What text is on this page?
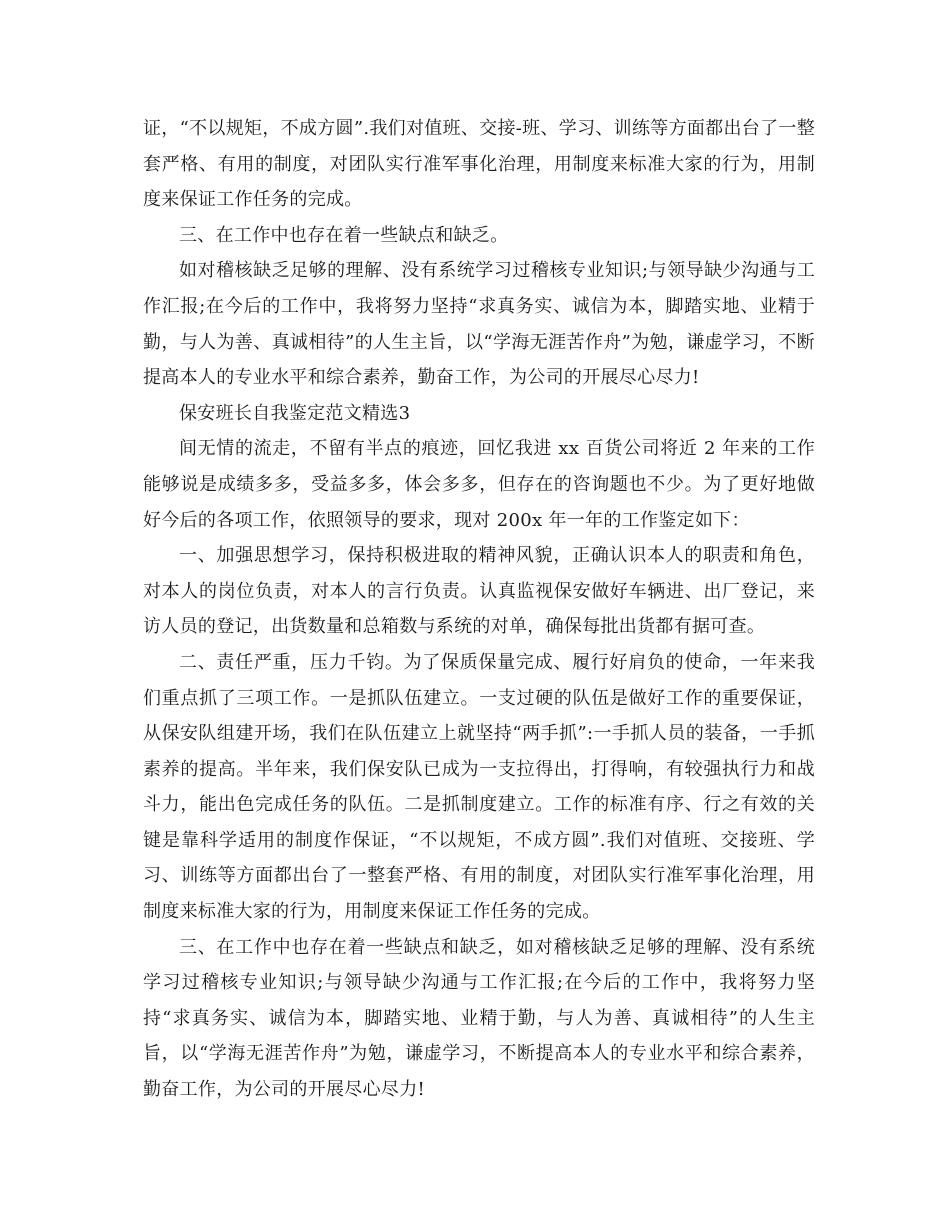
证，“不以规矩，不成方圆”.我们对值班、交接-班、学习、训练等方面都出台了一整套严格、有用的制度，对团队实行准军事化治理，用制度来标准大家的行为，用制度来保证工作任务的完成。

三、在工作中也存在着一些缺点和缺乏。

如对稽核缺乏足够的理解、没有系统学习过稽核专业知识;与领导缺少沟通与工作汇报;在今后的工作中，我将努力坚持“求真务实、诚信为本，脚踏实地、业精于勤，与人为善、真诚相待”的人生主旨，以“学海无涯苦作舟”为勉，谦虚学习，不断提高本人的专业水平和综合素养，勤奋工作，为公司的开展尽心尽力!

保安班长自我鉴定范文精选3

间无情的流走，不留有半点的痕迹，回忆我进 xx 百货公司将近 2 年来的工作能够说是成绩多多，受益多多，体会多多，但存在的咨询题也不少。为了更好地做好今后的各项工作，依照领导的要求，现对 200x 年一年的工作鉴定如下：

一、加强思想学习，保持积极进取的精神风貌，正确认识本人的职责和角色，对本人的岗位负责，对本人的言行负责。认真监视保安做好车辆进、出厂登记，来访人员的登记，出货数量和总箱数与系统的对单，确保每批出货都有据可查。

二、责任严重，压力千钧。为了保质保量完成、履行好肩负的使命，一年来我们重点抓了三项工作。一是抓队伍建立。一支过硬的队伍是做好工作的重要保证，从保安队组建开场，我们在队伍建立上就坚持“两手抓”:一手抓人员的装备，一手抓素养的提高。半年来，我们保安队已成为一支拉得出，打得响，有较强执行力和战斗力，能出色完成任务的队伍。二是抓制度建立。工作的标准有序、行之有效的关键是靠科学适用的制度作保证，“不以规矩，不成方圆”.我们对值班、交接班、学习、训练等方面都出台了一整套严格、有用的制度，对团队实行准军事化治理，用制度来标准大家的行为，用制度来保证工作任务的完成。

三、在工作中也存在着一些缺点和缺乏，如对稽核缺乏足够的理解、没有系统学习过稽核专业知识;与领导缺少沟通与工作汇报;在今后的工作中，我将努力坚持“求真务实、诚信为本，脚踏实地、业精于勤，与人为善、真诚相待”的人生主旨，以“学海无涯苦作舟”为勉，谦虚学习，不断提高本人的专业水平和综合素养，勤奋工作，为公司的开展尽心尽力!
